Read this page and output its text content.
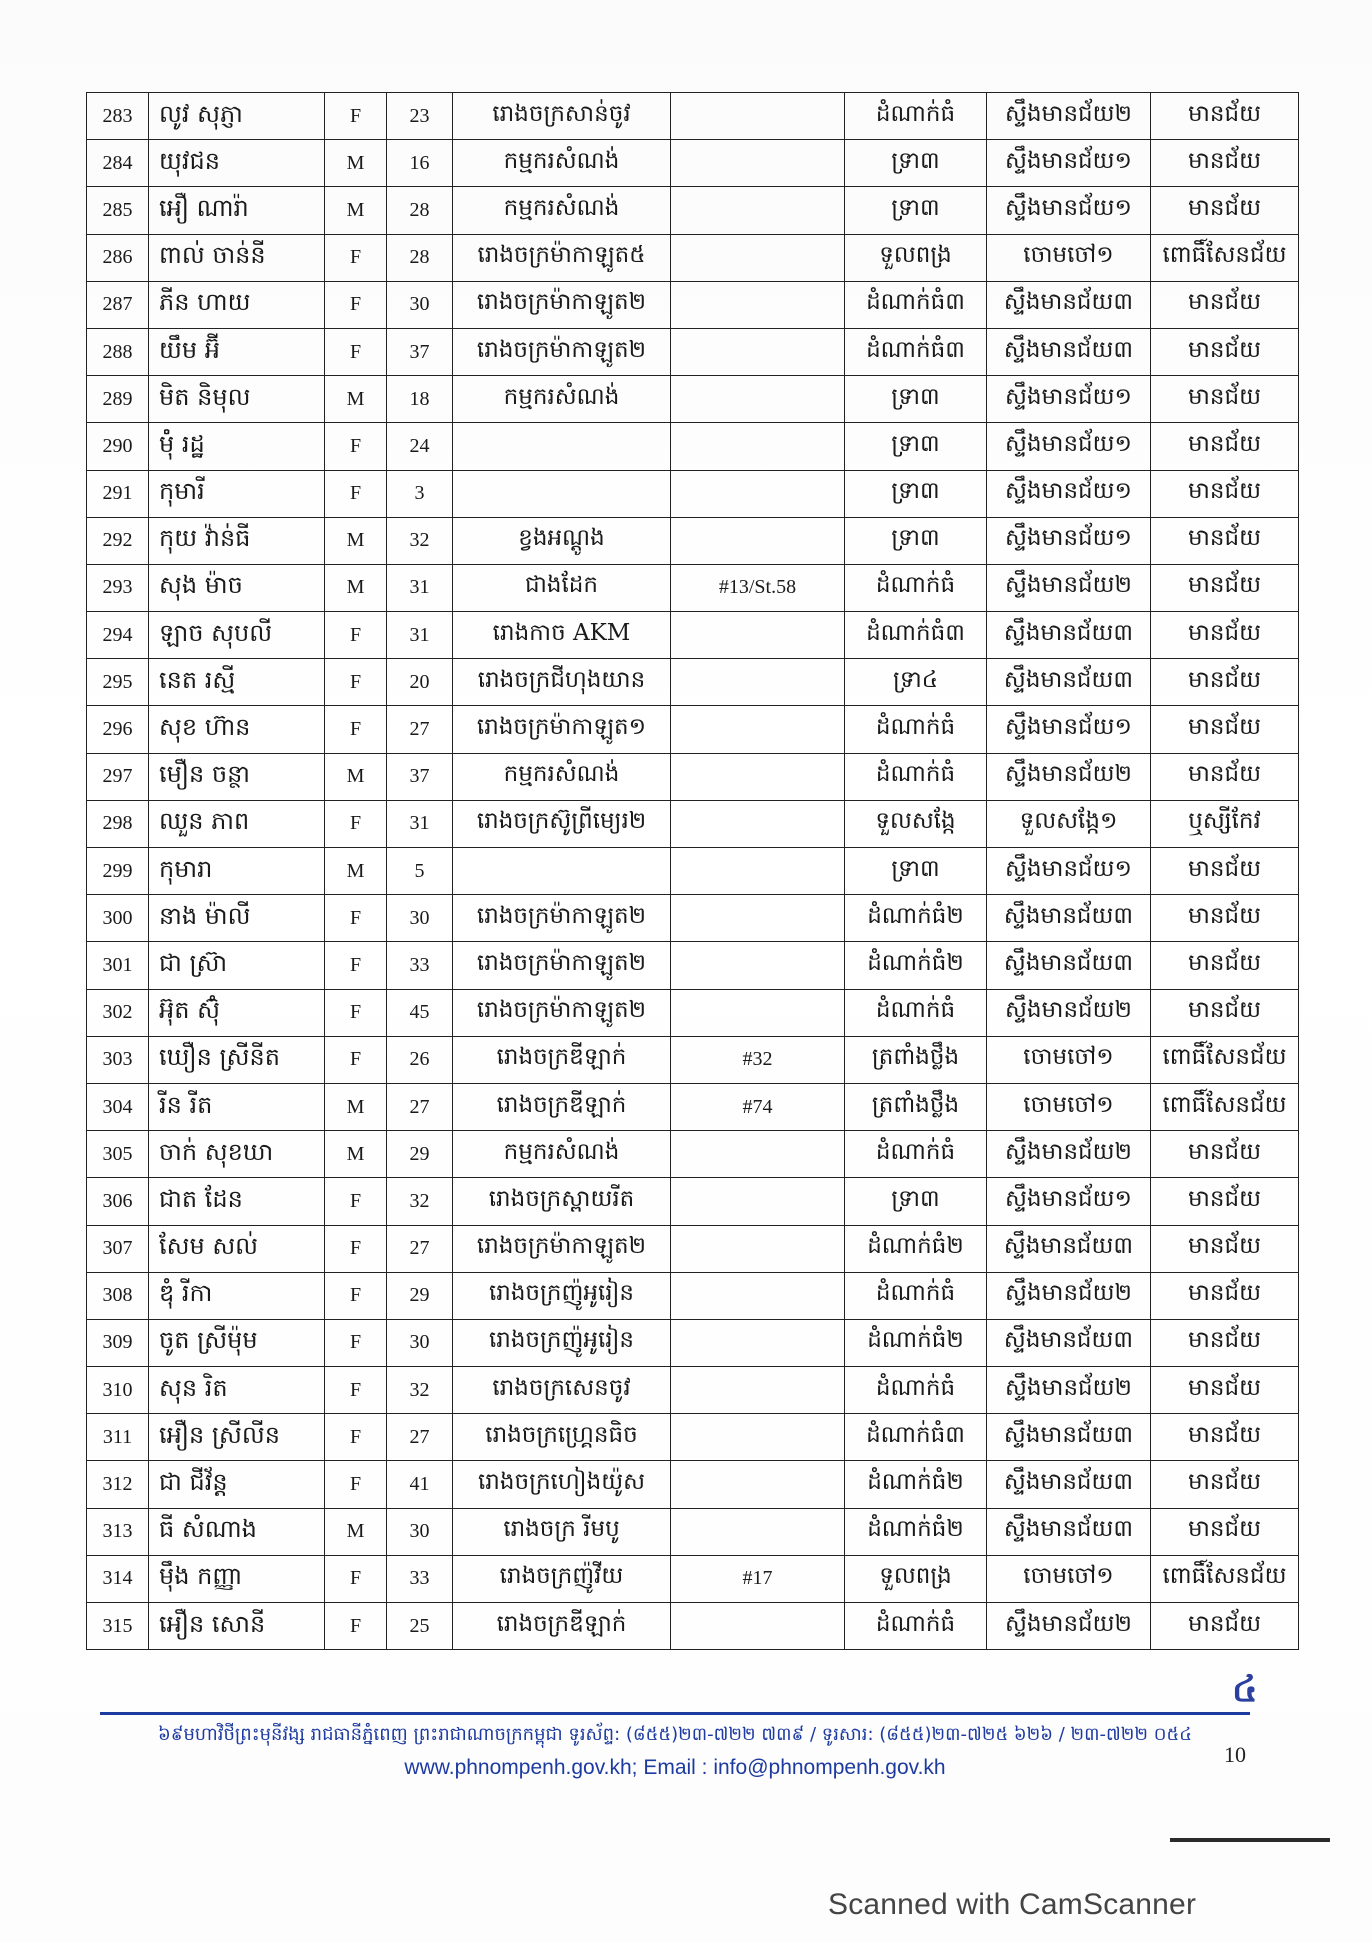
283	លូវ សុភ្ញា	F	23	រោងចក្រសាន់ចូវ		ដំណាក់ធំ	ស្ទឹងមានជ័យ២	មានជ័យ
284	យុវជន	M	16	កម្មករសំណង់		ទ្រា៣	ស្ទឹងមានជ័យ១	មានជ័យ
285	អឿ ណារ៉ា	M	28	កម្មករសំណង់		ទ្រា៣	ស្ទឹងមានជ័យ១	មានជ័យ
286	ពាល់ ចាន់នី	F	28	រោងចក្រម៉ាកាឡូត៥		ទួលពង្រ	ចោមចៅ១	ពោធិ៍សែនជ័យ
287	ភីន ហាយ	F	30	រោងចក្រម៉ាកាឡូត២		ដំណាក់ធំ៣	ស្ទឹងមានជ័យ៣	មានជ័យ
288	យឹម អ៊ី	F	37	រោងចក្រម៉ាកាឡូត២		ដំណាក់ធំ៣	ស្ទឹងមានជ័យ៣	មានជ័យ
289	មិត និមុល	M	18	កម្មករសំណង់		ទ្រា៣	ស្ទឹងមានជ័យ១	មានជ័យ
290	ម៉ុំ រដ្ឋ	F	24			ទ្រា៣	ស្ទឹងមានជ័យ១	មានជ័យ
291	កុមារី	F	3			ទ្រា៣	ស្ទឹងមានជ័យ១	មានជ័យ
292	កុយ វ៉ាន់ធី	M	32	ខ្វងអណ្ដូង		ទ្រា៣	ស្ទឹងមានជ័យ១	មានជ័យ
293	សុង ម៉ាច	M	31	ជាងដែក	#13/St.58	ដំណាក់ធំ	ស្ទឹងមានជ័យ២	មានជ័យ
294	ឡាច សុបលី	F	31	រោងកាច AKM		ដំណាក់ធំ៣	ស្ទឹងមានជ័យ៣	មានជ័យ
295	នេត រស្មី	F	20	រោងចក្រជីហុងយាន		ទ្រា៤	ស្ទឹងមានជ័យ៣	មានជ័យ
296	សុខ ហ៊ាន	F	27	រោងចក្រម៉ាកាឡូត១		ដំណាក់ធំ	ស្ទឹងមានជ័យ១	មានជ័យ
297	មឿន ចន្ថា	M	37	កម្មករសំណង់		ដំណាក់ធំ	ស្ទឹងមានជ័យ២	មានជ័យ
298	ឈួន ភាព	F	31	រោងចក្រស៊ូព្រីម្យេរ២		ទួលសង្កែ	ទួលសង្កែ១	ឬស្សីកែវ
299	កុមារា	M	5			ទ្រា៣	ស្ទឹងមានជ័យ១	មានជ័យ
300	នាង ម៉ាលី	F	30	រោងចក្រម៉ាកាឡូត២		ដំណាក់ធំ២	ស្ទឹងមានជ័យ៣	មានជ័យ
301	ជា ស្រ៊ា	F	33	រោងចក្រម៉ាកាឡូត២		ដំណាក់ធំ២	ស្ទឹងមានជ័យ៣	មានជ័យ
302	អ៊ុត ស៊ុំ	F	45	រោងចក្រម៉ាកាឡូត២		ដំណាក់ធំ	ស្ទឹងមានជ័យ២	មានជ័យ
303	ឃឿន ស្រីនីត	F	26	រោងចក្រឌីឡាក់	#32	ត្រពាំងថ្លឹង	ចោមចៅ១	ពោធិ៍សែនជ័យ
304	រីន រីត	M	27	រោងចក្រឌីឡាក់	#74	ត្រពាំងថ្លឹង	ចោមចៅ១	ពោធិ៍សែនជ័យ
305	ចាក់ សុខឃា	M	29	កម្មករសំណង់		ដំណាក់ធំ	ស្ទឹងមានជ័យ២	មានជ័យ
306	ជាត ដែន	F	32	រោងចក្រស្ពាយរីត		ទ្រា៣	ស្ទឹងមានជ័យ១	មានជ័យ
307	សែម សល់	F	27	រោងចក្រម៉ាកាឡូត២		ដំណាក់ធំ២	ស្ទឹងមានជ័យ៣	មានជ័យ
308	ឌុំ រីកា	F	29	រោងចក្រញ៉ូអូរៀន		ដំណាក់ធំ	ស្ទឹងមានជ័យ២	មានជ័យ
309	ចូត ស្រីម៉ុម	F	30	រោងចក្រញ៉ូអូរៀន		ដំណាក់ធំ២	ស្ទឹងមានជ័យ៣	មានជ័យ
310	សុន រិត	F	32	រោងចក្រសេនចូវ		ដំណាក់ធំ	ស្ទឹងមានជ័យ២	មានជ័យ
311	អឿន ស្រីលីន	F	27	រោងចក្រហ្គ្រេនធិច		ដំណាក់ធំ៣	ស្ទឹងមានជ័យ៣	មានជ័យ
312	ជា ជីវ័ន្ត	F	41	រោងចក្រហៀងយ៉ូស		ដំណាក់ធំ២	ស្ទឹងមានជ័យ៣	មានជ័យ
313	ធី សំណាង	M	30	រោងចក្រ រីមបូ		ដំណាក់ធំ២	ស្ទឹងមានជ័យ៣	មានជ័យ
314	ម៉ឹង កញ្ញា	F	33	រោងចក្រញ៉ូវីយ	#17	ទួលពង្រ	ចោមចៅ១	ពោធិ៍សែនជ័យ
315	អឿន សោនី	F	25	រោងចក្រឌីឡាក់		ដំណាក់ធំ	ស្ទឹងមានជ័យ២	មានជ័យ
៤
៦៩មហាវិថីព្រះមុនីវង្ស រាជធានីភ្នំពេញ ព្រះរាជាណាចក្រកម្ពុជា ទូរស័ព្ទ: (៨៥៥)២៣-៧២២ ៧៣៩ / ទូរសារ: (៨៥៥)២៣-៧២៥ ៦២៦ / ២៣-៧២២ ០៥៤
www.phnompenh.gov.kh; Email : info@phnompenh.gov.kh
10
Scanned with CamScanner
